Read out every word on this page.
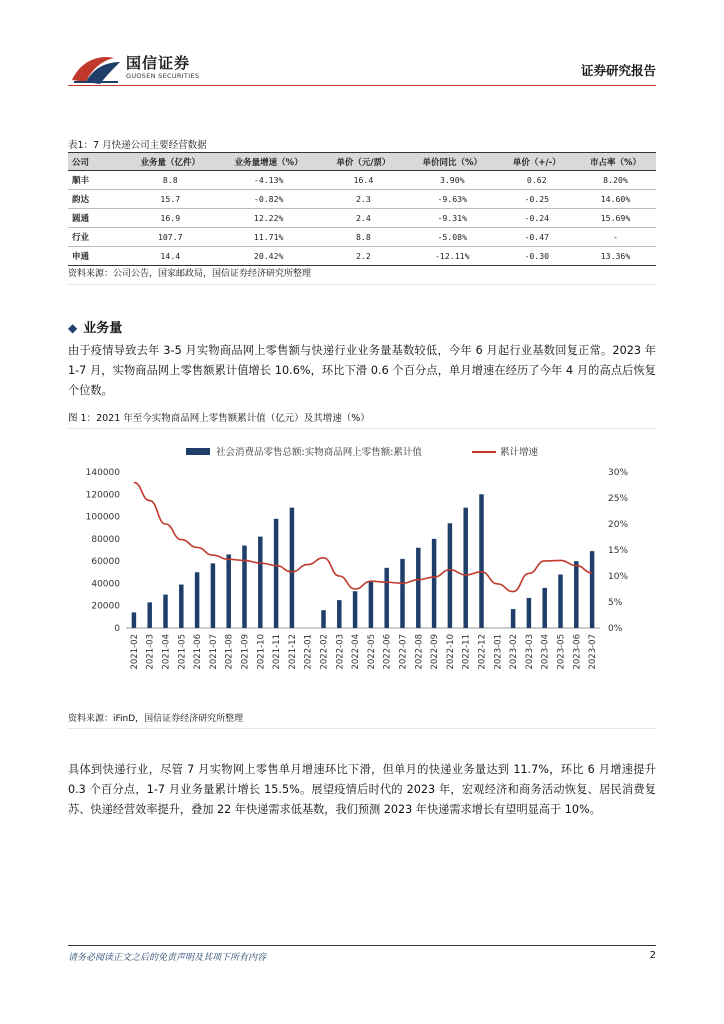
国信证券
GUOSEN SECURITIES	证券研究报告
表1：7 月快递公司主要经营数据
公司	业务量（亿件）	业务量增速（%）	单价（元/票）	单价同比（%）	单价（+/-）	市占率（%）
顺丰	8.8	-4.13%	16.4	3.90%	0.62	8.20%
韵达	15.7	-0.82%	2.3	-9.63%	-0.25	14.60%
圆通	16.9	12.22%	2.4	-9.31%	-0.24	15.69%
行业	107.7	11.71%	8.8	-5.08%	-0.47	-
申通	14.4	20.42%	2.2	-12.11%	-0.30	13.36%
资料来源：公司公告，国家邮政局，国信证券经济研究所整理
◆ 业务量
由于疫情导致去年 3-5 月实物商品网上零售额与快递行业业务量基数较低，今年 6 月起行业基数回复正常。2023 年 1-7 月，实物商品网上零售额累计值增长 10.6%，环比下滑 0.6 个百分点，单月增速在经历了今年 4 月的高点后恢复个位数。
图 1：2021 年至今实物商品网上零售额累计值（亿元）及其增速（%）
0
20000
40000
60000
80000
100000
120000
140000
0%
5%
10%
15%
20%
25%
30%
2021-02 2021-03 2021-04 2021-05 2021-06 2021-07 2021-08 2021-09 2021-10 2021-11 2021-12 2022-01 2022-02 2022-03 2022-04 2022-05 2022-06 2022-07 2022-08 2022-09 2022-10 2022-11 2022-12 2023-01 2023-02 2023-03 2023-04 2023-05 2023-06 2023-07
社会消费品零售总额:实物商品网上零售额:累计值	累计增速
资料来源：iFinD，国信证券经济研究所整理
具体到快递行业，尽管 7 月实物网上零售单月增速环比下滑，但单月的快递业务量达到 11.7%，环比 6 月增速提升 0.3 个百分点，1-7 月业务量累计增长 15.5%。展望疫情后时代的 2023 年，宏观经济和商务活动恢复、居民消费复苏、快递经营效率提升，叠加 22 年快递需求低基数，我们预测 2023 年快递需求增长有望明显高于 10%。
请务必阅读正文之后的免责声明及其项下所有内容	2
